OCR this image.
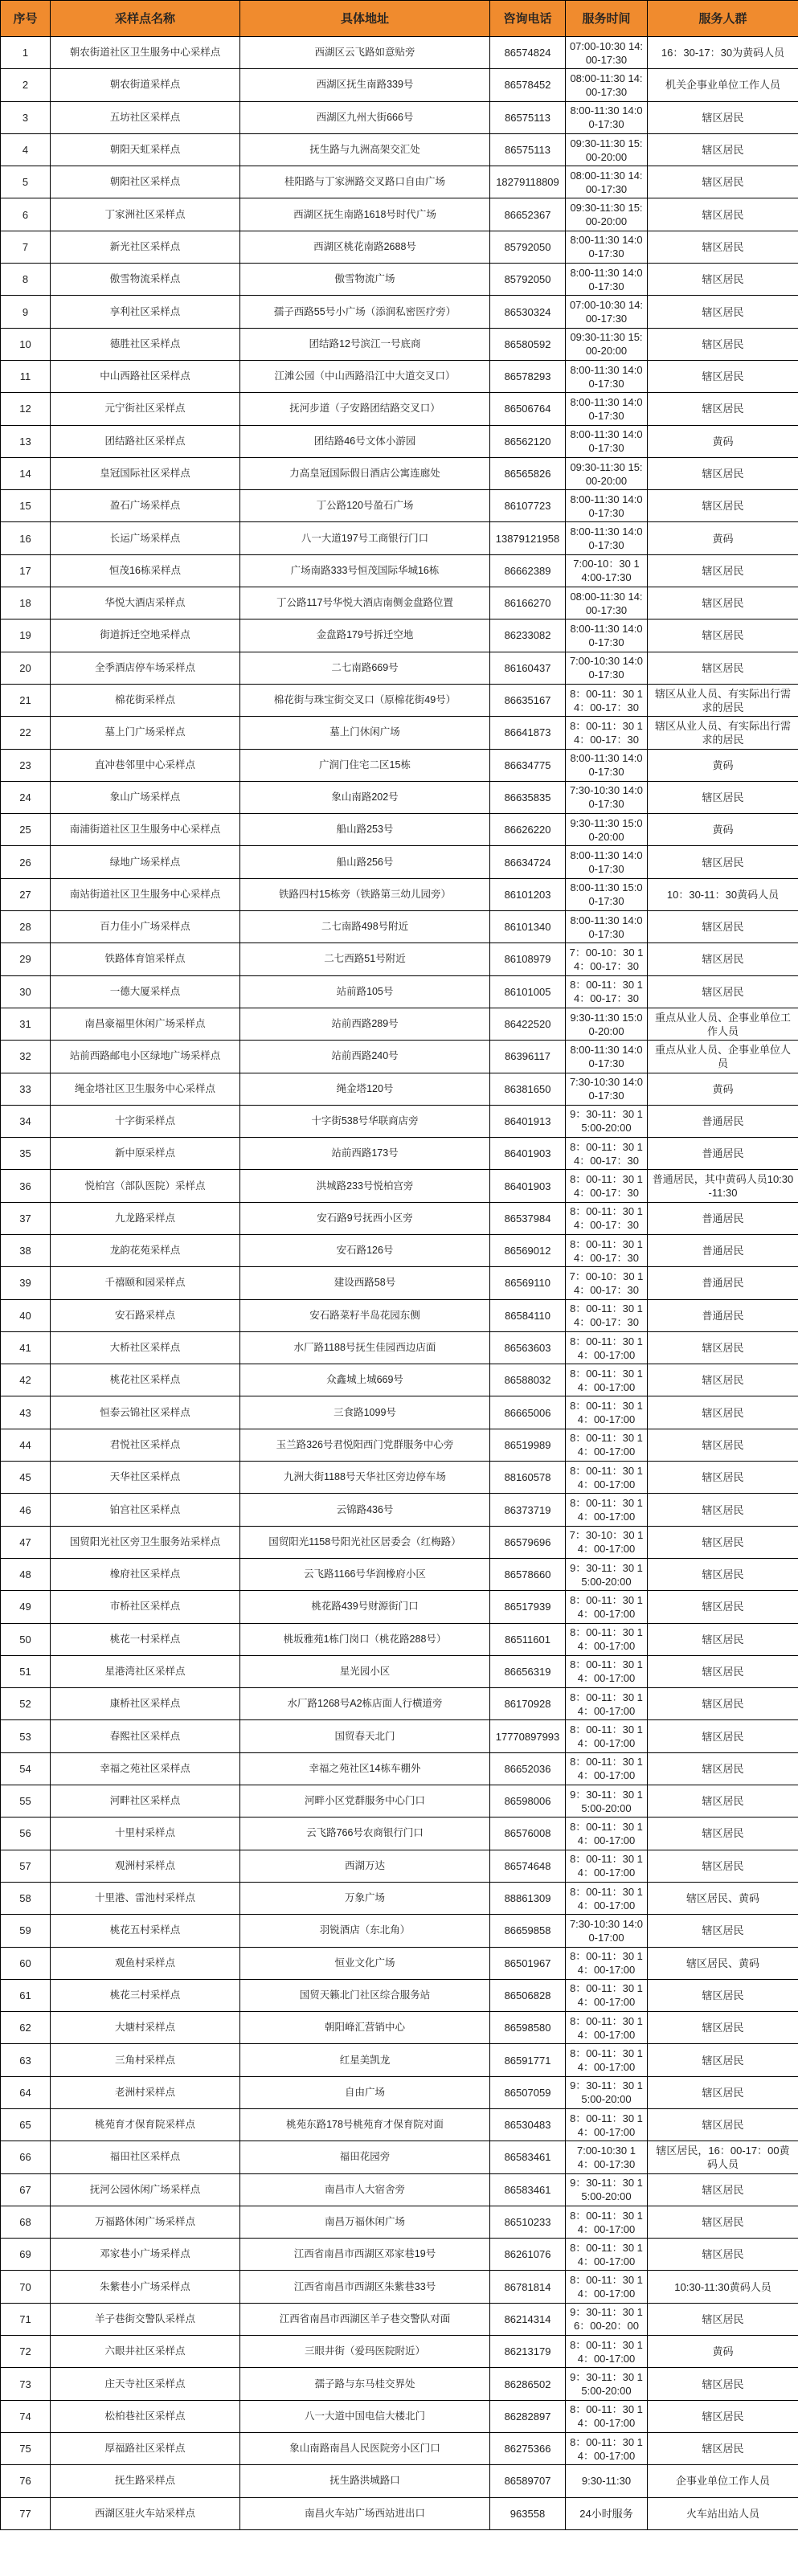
序号	采样点名称	具体地址	咨询电话	服务时间	服务人群
1	朝农街道社区卫生服务中心采样点	西湖区云飞路如意贴旁	86574824	07:00-10:30 14:00-17:30	16：30-17：30为黄码人员
2	朝农街道采样点	西湖区抚生南路339号	86578452	08:00-11:30 14:00-17:30	机关企事业单位工作人员
3	五坊社区采样点	西湖区九州大街666号	86575113	8:00-11:30 14:00-17:30	辖区居民
4	朝阳天虹采样点	抚生路与九洲高架交汇处	86575113	09:30-11:30 15:00-20:00	辖区居民
5	朝阳社区采样点	桂阳路与丁家洲路交叉路口自由广场	18279118809	08:00-11:30 14:00-17:30	辖区居民
6	丁家洲社区采样点	西湖区抚生南路1618号时代广场	86652367	09:30-11:30 15:00-20:00	辖区居民
7	新光社区采样点	西湖区桃花南路2688号	85792050	8:00-11:30 14:00-17:30	辖区居民
8	傲雪物流采样点	傲雪物流广场	85792050	8:00-11:30 14:00-17:30	辖区居民
9	享利社区采样点	孺子西路55号小广场（添润私密医疗旁）	86530324	07:00-10:30 14:00-17:30	辖区居民
10	德胜社区采样点	团结路12号滨江一号底商	86580592	09:30-11:30 15:00-20:00	辖区居民
11	中山西路社区采样点	江滩公园（中山西路沿江中大道交叉口）	86578293	8:00-11:30 14:00-17:30	辖区居民
12	元宁街社区采样点	抚河步道（子安路团结路交叉口）	86506764	8:00-11:30 14:00-17:30	辖区居民
13	团结路社区采样点	团结路46号文体小游园	86562120	8:00-11:30 14:00-17:30	黄码
14	皇冠国际社区采样点	力高皇冠国际假日酒店公寓连廊处	86565826	09:30-11:30 15:00-20:00	辖区居民
15	盈石广场采样点	丁公路120号盈石广场	86107723	8:00-11:30 14:00-17:30	辖区居民
16	长运广场采样点	八一大道197号工商银行门口	13879121958	8:00-11:30 14:00-17:30	黄码
17	恒茂16栋采样点	广场南路333号恒茂国际华城16栋	86662389	7:00-10：30 14:00-17:30	辖区居民
18	华悦大酒店采样点	丁公路117号华悦大酒店南侧金盘路位置	86166270	08:00-11:30 14:00-17:30	辖区居民
19	街道拆迁空地采样点	金盘路179号拆迁空地	86233082	8:00-11:30 14:00-17:30	辖区居民
20	全季酒店停车场采样点	二七南路669号	86160437	7:00-10:30 14:00-17:30	辖区居民
21	棉花街采样点	棉花街与珠宝街交叉口（原棉花街49号）	86635167	8：00-11：30 14：00-17：30	辖区从业人员、有实际出行需求的居民
22	墓上门广场采样点	墓上门休闲广场	86641873	8：00-11：30 14：00-17：30	辖区从业人员、有实际出行需求的居民
23	直冲巷邻里中心采样点	广润门住宅二区15栋	86634775	8:00-11:30 14:00-17:30	黄码
24	象山广场采样点	象山南路202号	86635835	7:30-10:30 14:00-17:30	辖区居民
25	南浦街道社区卫生服务中心采样点	船山路253号	86626220	9:30-11:30 15:00-20:00	黄码
26	绿地广场采样点	船山路256号	86634724	8:00-11:30 14:00-17:30	辖区居民
27	南站街道社区卫生服务中心采样点	铁路四村15栋旁（铁路第三幼儿园旁）	86101203	8:00-11:30 15:00-17:30	10：30-11：30黄码人员
28	百力佳小广场采样点	二七南路498号附近	86101340	8:00-11:30 14:00-17:30	辖区居民
29	铁路体育馆采样点	二七西路51号附近	86108979	7：00-10：30 14：00-17：30	辖区居民
30	一德大厦采样点	站前路105号	86101005	8：00-11：30 14：00-17：30	辖区居民
31	南昌豪福里休闲广场采样点	站前西路289号	86422520	9:30-11:30 15:00-20:00	重点从业人员、企事业单位工作人员
32	站前西路邮电小区绿地广场采样点	站前西路240号	86396117	8:00-11:30 14:00-17:30	重点从业人员、企事业单位人员
33	绳金塔社区卫生服务中心采样点	绳金塔120号	86381650	7:30-10:30 14:00-17:30	黄码
34	十字街采样点	十字街538号华联商店旁	86401913	9：30-11：30 15:00-20:00	普通居民
35	新中原采样点	站前西路173号	86401903	8：00-11：30 14：00-17：30	普通居民
36	悦柏宫（部队医院）采样点	洪城路233号悦柏宫旁	86401903	8：00-11：30 14：00-17：30	普通居民，其中黄码人员10:30-11:30
37	九龙路采样点	安石路9号抚西小区旁	86537984	8：00-11：30 14：00-17：30	普通居民
38	龙韵花苑采样点	安石路126号	86569012	8：00-11：30 14：00-17：30	普通居民
39	千禧颐和园采样点	建设西路58号	86569110	7：00-10：30 14：00-17：30	普通居民
40	安石路采样点	安石路菜籽半岛花园东侧	86584110	8：00-11：30 14：00-17：30	普通居民
41	大桥社区采样点	水厂路1188号抚生佳园西边店面	86563603	8：00-11：30 14：00-17:00	辖区居民
42	桃花社区采样点	众鑫城上城669号	86588032	8：00-11：30 14：00-17:00	辖区居民
43	恒泰云锦社区采样点	三食路1099号	86665006	8：00-11：30 14：00-17:00	辖区居民
44	君悦社区采样点	玉兰路326号君悦阳西门党群服务中心旁	86519989	8：00-11：30 14：00-17:00	辖区居民
45	天华社区采样点	九洲大街1188号天华社区旁边停车场	88160578	8：00-11：30 14：00-17:00	辖区居民
46	铂宫社区采样点	云锦路436号	86373719	8：00-11：30 14：00-17:00	辖区居民
47	国贸阳光社区旁卫生服务站采样点	国贸阳光1158号阳光社区居委会（红梅路）	86579696	7：30-10：30 14：00-17:00	辖区居民
48	橡府社区采样点	云飞路1166号华润橡府小区	86578660	9：30-11：30 15:00-20:00	辖区居民
49	市桥社区采样点	桃花路439号财源街门口	86517939	8：00-11：30 14：00-17:00	辖区居民
50	桃花一村采样点	桃坂雅苑1栋门岗口（桃花路288号）	86511601	8：00-11：30 14：00-17:00	辖区居民
51	星港湾社区采样点	星光园小区	86656319	8：00-11：30 14：00-17:00	辖区居民
52	康桥社区采样点	水厂路1268号A2栋店面人行横道旁	86170928	8：00-11：30 14：00-17:00	辖区居民
53	春熙社区采样点	国贸春天北门	17770897993	8：00-11：30 14：00-17:00	辖区居民
54	幸福之苑社区采样点	幸福之苑社区14栋车棚外	86652036	8：00-11：30 14：00-17:00	辖区居民
55	河畔社区采样点	河畔小区党群服务中心门口	86598006	9：30-11：30 15:00-20:00	辖区居民
56	十里村采样点	云飞路766号农商银行门口	86576008	8：00-11：30 14：00-17:00	辖区居民
57	观洲村采样点	西湖万达	86574648	8：00-11：30 14：00-17:00	辖区居民
58	十里港、雷池村采样点	万象广场	88861309	8：00-11：30 14：00-17:00	辖区居民、黄码
59	桃花五村采样点	羽锐酒店（东北角）	86659858	7:30-10:30 14:00-17:00	辖区居民
60	观鱼村采样点	恒业文化广场	86501967	8：00-11：30 14：00-17:00	辖区居民、黄码
61	桃花三村采样点	国贸天籁北门社区综合服务站	86506828	8：00-11：30 14：00-17:00	辖区居民
62	大塘村采样点	朝阳峰汇营销中心	86598580	8：00-11：30 14：00-17:00	辖区居民
63	三角村采样点	红星美凯龙	86591771	8：00-11：30 14：00-17:00	辖区居民
64	老洲村采样点	自由广场	86507059	9：30-11：30 15:00-20:00	辖区居民
65	桃苑育才保育院采样点	桃苑东路178号桃苑育才保育院对面	86530483	8：00-11：30 14：00-17:00	辖区居民
66	福田社区采样点	福田花园旁	86583461	7:00-10:30 14：00-17:30	辖区居民，16：00-17：00黄码人员
67	抚河公园休闲广场采样点	南昌市人大宿舍旁	86583461	9：30-11：30 15:00-20:00	辖区居民
68	万福路休闲广场采样点	南昌万福休闲广场	86510233	8：00-11：30 14：00-17:00	辖区居民
69	邓家巷小广场采样点	江西省南昌市西湖区邓家巷19号	86261076	8：00-11：30 14：00-17:00	辖区居民
70	朱紫巷小广场采样点	江西省南昌市西湖区朱紫巷33号	86781814	8：00-11：30 14：00-17:00	10:30-11:30黄码人员
71	羊子巷街交警队采样点	江西省南昌市西湖区羊子巷交警队对面	86214314	9：30-11：30 16：00-20：00	辖区居民
72	六眼井社区采样点	三眼井街（爱玛医院附近）	86213179	8：00-11：30 14：00-17:00	黄码
73	庄天寺社区采样点	孺子路与东马桂交界处	86286502	9：30-11：30 15:00-20:00	辖区居民
74	松柏巷社区采样点	八一大道中国电信大楼北门	86282897	8：00-11：30 14：00-17:00	辖区居民
75	厚福路社区采样点	象山南路南昌人民医院旁小区门口	86275366	8：00-11：30 14：00-17:00	辖区居民
76	抚生路采样点	抚生路洪城路口	86589707	9:30-11:30	企事业单位工作人员
77	西湖区驻火车站采样点	南昌火车站广场西站进出口	963558	24小时服务	火车站出站人员
